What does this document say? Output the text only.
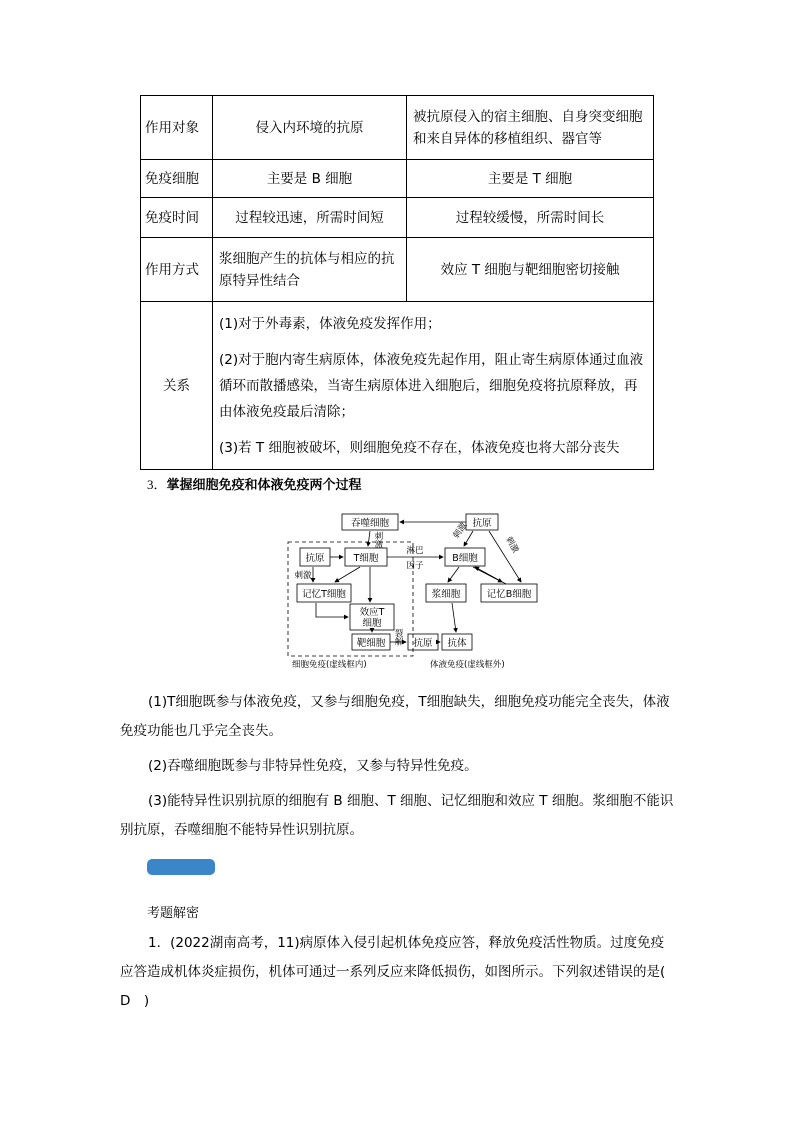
作用对象	侵入内环境的抗原	被抗原侵入的宿主细胞、自身突变细胞和来自异体的移植组织、器官等
免疫细胞	主要是 B 细胞	主要是 T 细胞
免疫时间	过程较迅速，所需时间短	过程较缓慢，所需时间长
作用方式	浆细胞产生的抗体与相应的抗原特异性结合	效应 T 细胞与靶细胞密切接触
关系	(1)对于外毒素，体液免疫发挥作用；

(2)对于胞内寄生病原体，体液免疫先起作用，阻止寄生病原体通过血液循环而散播感染，当寄生病原体进入细胞后，细胞免疫将抗原释放，再由体液免疫最后清除；

(3)若 T 细胞被破坏，则细胞免疫不存在，体液免疫也将大部分丧失	

3．掌握细胞免疫和体液免疫两个过程
吞噬细胞	抗原
抗原	T细胞	B细胞
记忆T细胞
效应T
细胞
浆细胞	记忆B细胞
靶细胞	抗原 抗体
刺激	刺激
刺激
刺激
淋巴
因子
裂解
细胞免疫(虚线框内)	体液免疫(虚线框外)

(1)T细胞既参与体液免疫，又参与细胞免疫，T细胞缺失，细胞免疫功能完全丧失，体液免疫功能也几乎完全丧失。

(2)吞噬细胞既参与非特异性免疫，又参与特异性免疫。

(3)能特异性识别抗原的细胞有 B 细胞、T 细胞、记忆细胞和效应 T 细胞。浆细胞不能识别抗原，吞噬细胞不能特异性识别抗原。

考题解密

1．(2022湖南高考，11)病原体入侵引起机体免疫应答，释放免疫活性物质。过度免疫应答造成机体炎症损伤，机体可通过一系列反应来降低损伤，如图所示。下列叙述错误的是(　D　)
